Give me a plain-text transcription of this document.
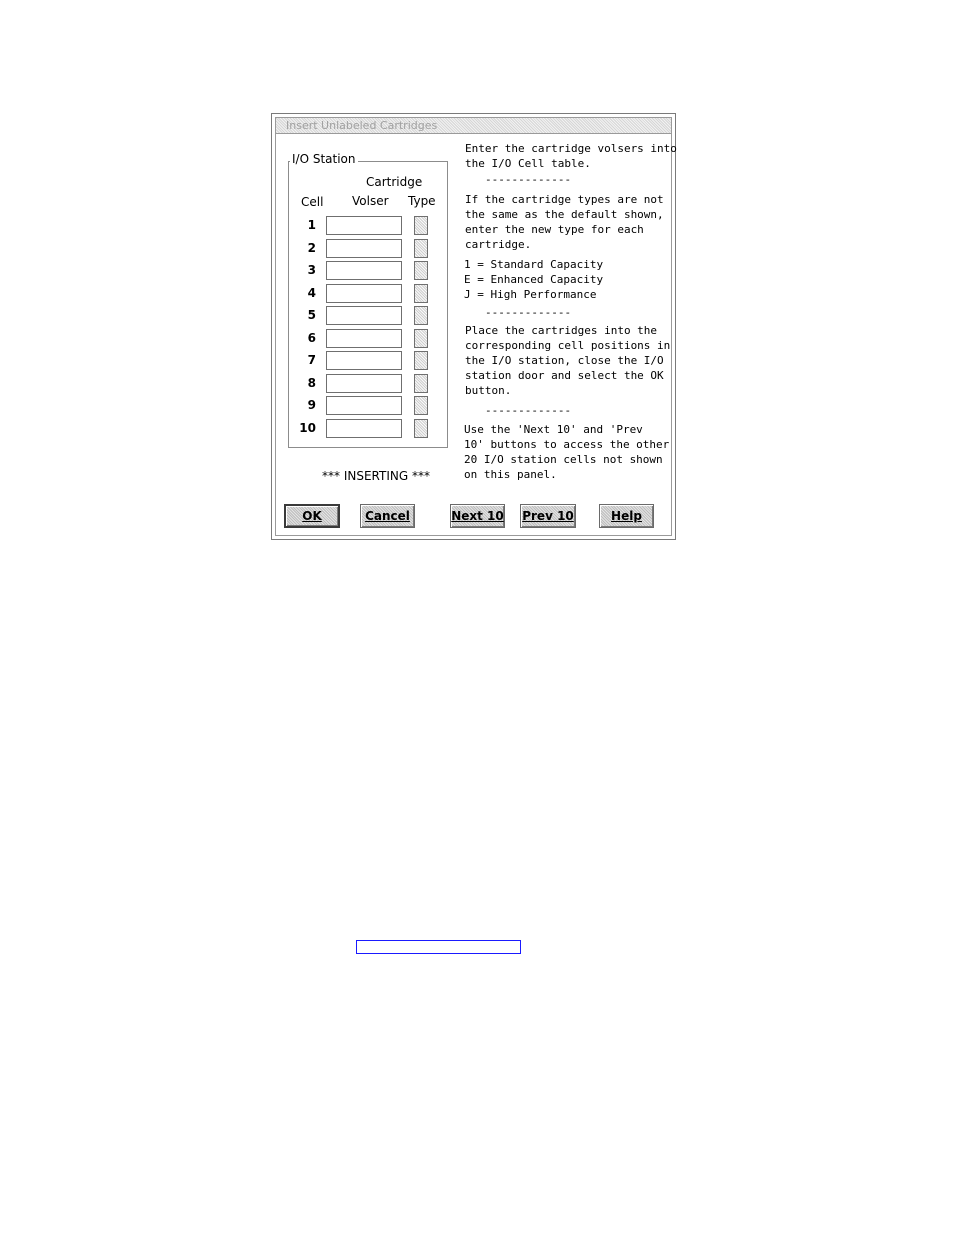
Insert Unlabeled Cartridges
I/O Station
Cartridge
Cell Volser Type
1
2
3
4
5
6
7
8
9
10
*** INSERTING ***
Enter the cartridge volsers into
the I/O Cell table.
-------------
If the cartridge types are not
the same as the default shown,
enter the new type for each
cartridge.
1 = Standard Capacity
E = Enhanced Capacity
J = High Performance
-------------
Place the cartridges into the
corresponding cell positions in
the I/O station, close the I/O
station door and select the OK
button.
-------------
Use the 'Next 10' and 'Prev
10' buttons to access the other
20 I/O station cells not shown
on this panel.
OK	Cancel	Next 10 Prev 10	Help
